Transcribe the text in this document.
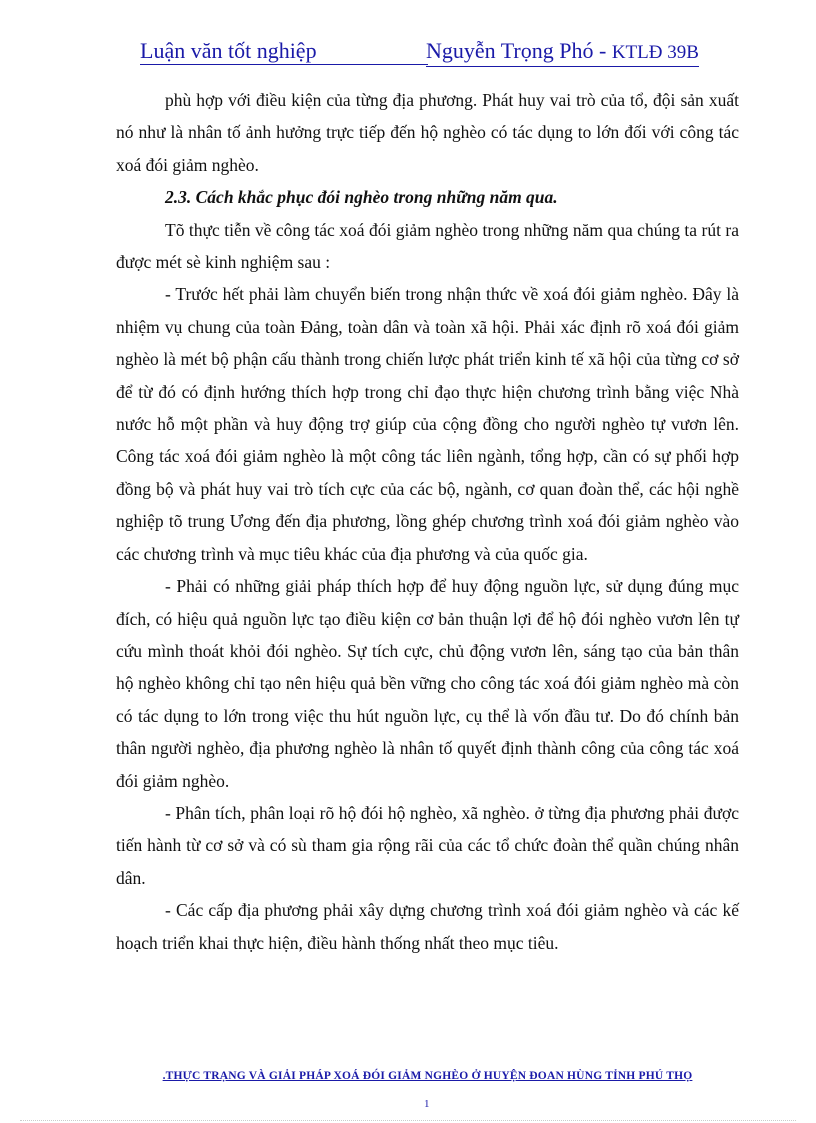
Luận văn tốt nghiệp	Nguyễn Trọng Phó - KTLĐ 39B

phù hợp với điều kiện của từng địa phương. Phát huy vai trò của tổ, đội sản xuất nó như là nhân tố ảnh hưởng trực tiếp đến hộ nghèo có tác dụng to lớn đối với công tác xoá đói giảm nghèo.

2.3. Cách khắc phục đói nghèo trong những năm qua.

Tõ thực tiễn về công tác xoá đói giảm nghèo trong những năm qua chúng ta rút ra được mét sè kinh nghiệm sau :

- Trước hết phải làm chuyển biến trong nhận thức về xoá đói giảm nghèo. Đây là nhiệm vụ chung của toàn Đảng, toàn dân và toàn xã hội. Phải xác định rõ xoá đói giảm nghèo là mét bộ phận cấu thành trong chiến lược phát triển kinh tế xã hội của từng cơ sở để từ đó có định hướng thích hợp trong chỉ đạo thực hiện chương trình bằng việc Nhà nước hỗ một phần và huy động trợ giúp của cộng đồng cho người nghèo tự vươn lên. Công tác xoá đói giảm nghèo là một công tác liên ngành, tổng hợp, cần có sự phối hợp đồng bộ và phát huy vai trò tích cực của các bộ, ngành, cơ quan đoàn thể, các hội nghề nghiệp tõ trung Ương đến địa phương, lồng ghép chương trình xoá đói giảm nghèo vào các chương trình và mục tiêu khác của địa phương và của quốc gia.

- Phải có những giải pháp thích hợp để huy động nguồn lực, sử dụng đúng mục đích, có hiệu quả nguồn lực tạo điều kiện cơ bản thuận lợi để hộ đói nghèo vươn lên tự cứu mình thoát khỏi đói nghèo. Sự tích cực, chủ động vươn lên, sáng tạo của bản thân hộ nghèo không chỉ tạo nên hiệu quả bền vững cho công tác xoá đói giảm nghèo mà còn có tác dụng to lớn trong việc thu hút nguồn lực, cụ thể là vốn đầu tư. Do đó chính bản thân người nghèo, địa phương nghèo là nhân tố quyết định thành công của công tác xoá đói giảm nghèo.

- Phân tích, phân loại rõ hộ đói hộ nghèo, xã nghèo. ở từng địa phương phải được tiến hành từ cơ sở và có sù tham gia rộng rãi của các tổ chức đoàn thể quần chúng nhân dân.

- Các cấp địa phương phải xây dựng chương trình xoá đói giảm nghèo và các kế hoạch triển khai thực hiện, điều hành thống nhất theo mục tiêu.

.THỰC TRẠNG VÀ GIẢI PHÁP XOÁ ĐÓI GIẢM NGHÈO Ở HUYỆN ĐOAN HÙNG TỈNH PHÚ THỌ
1
